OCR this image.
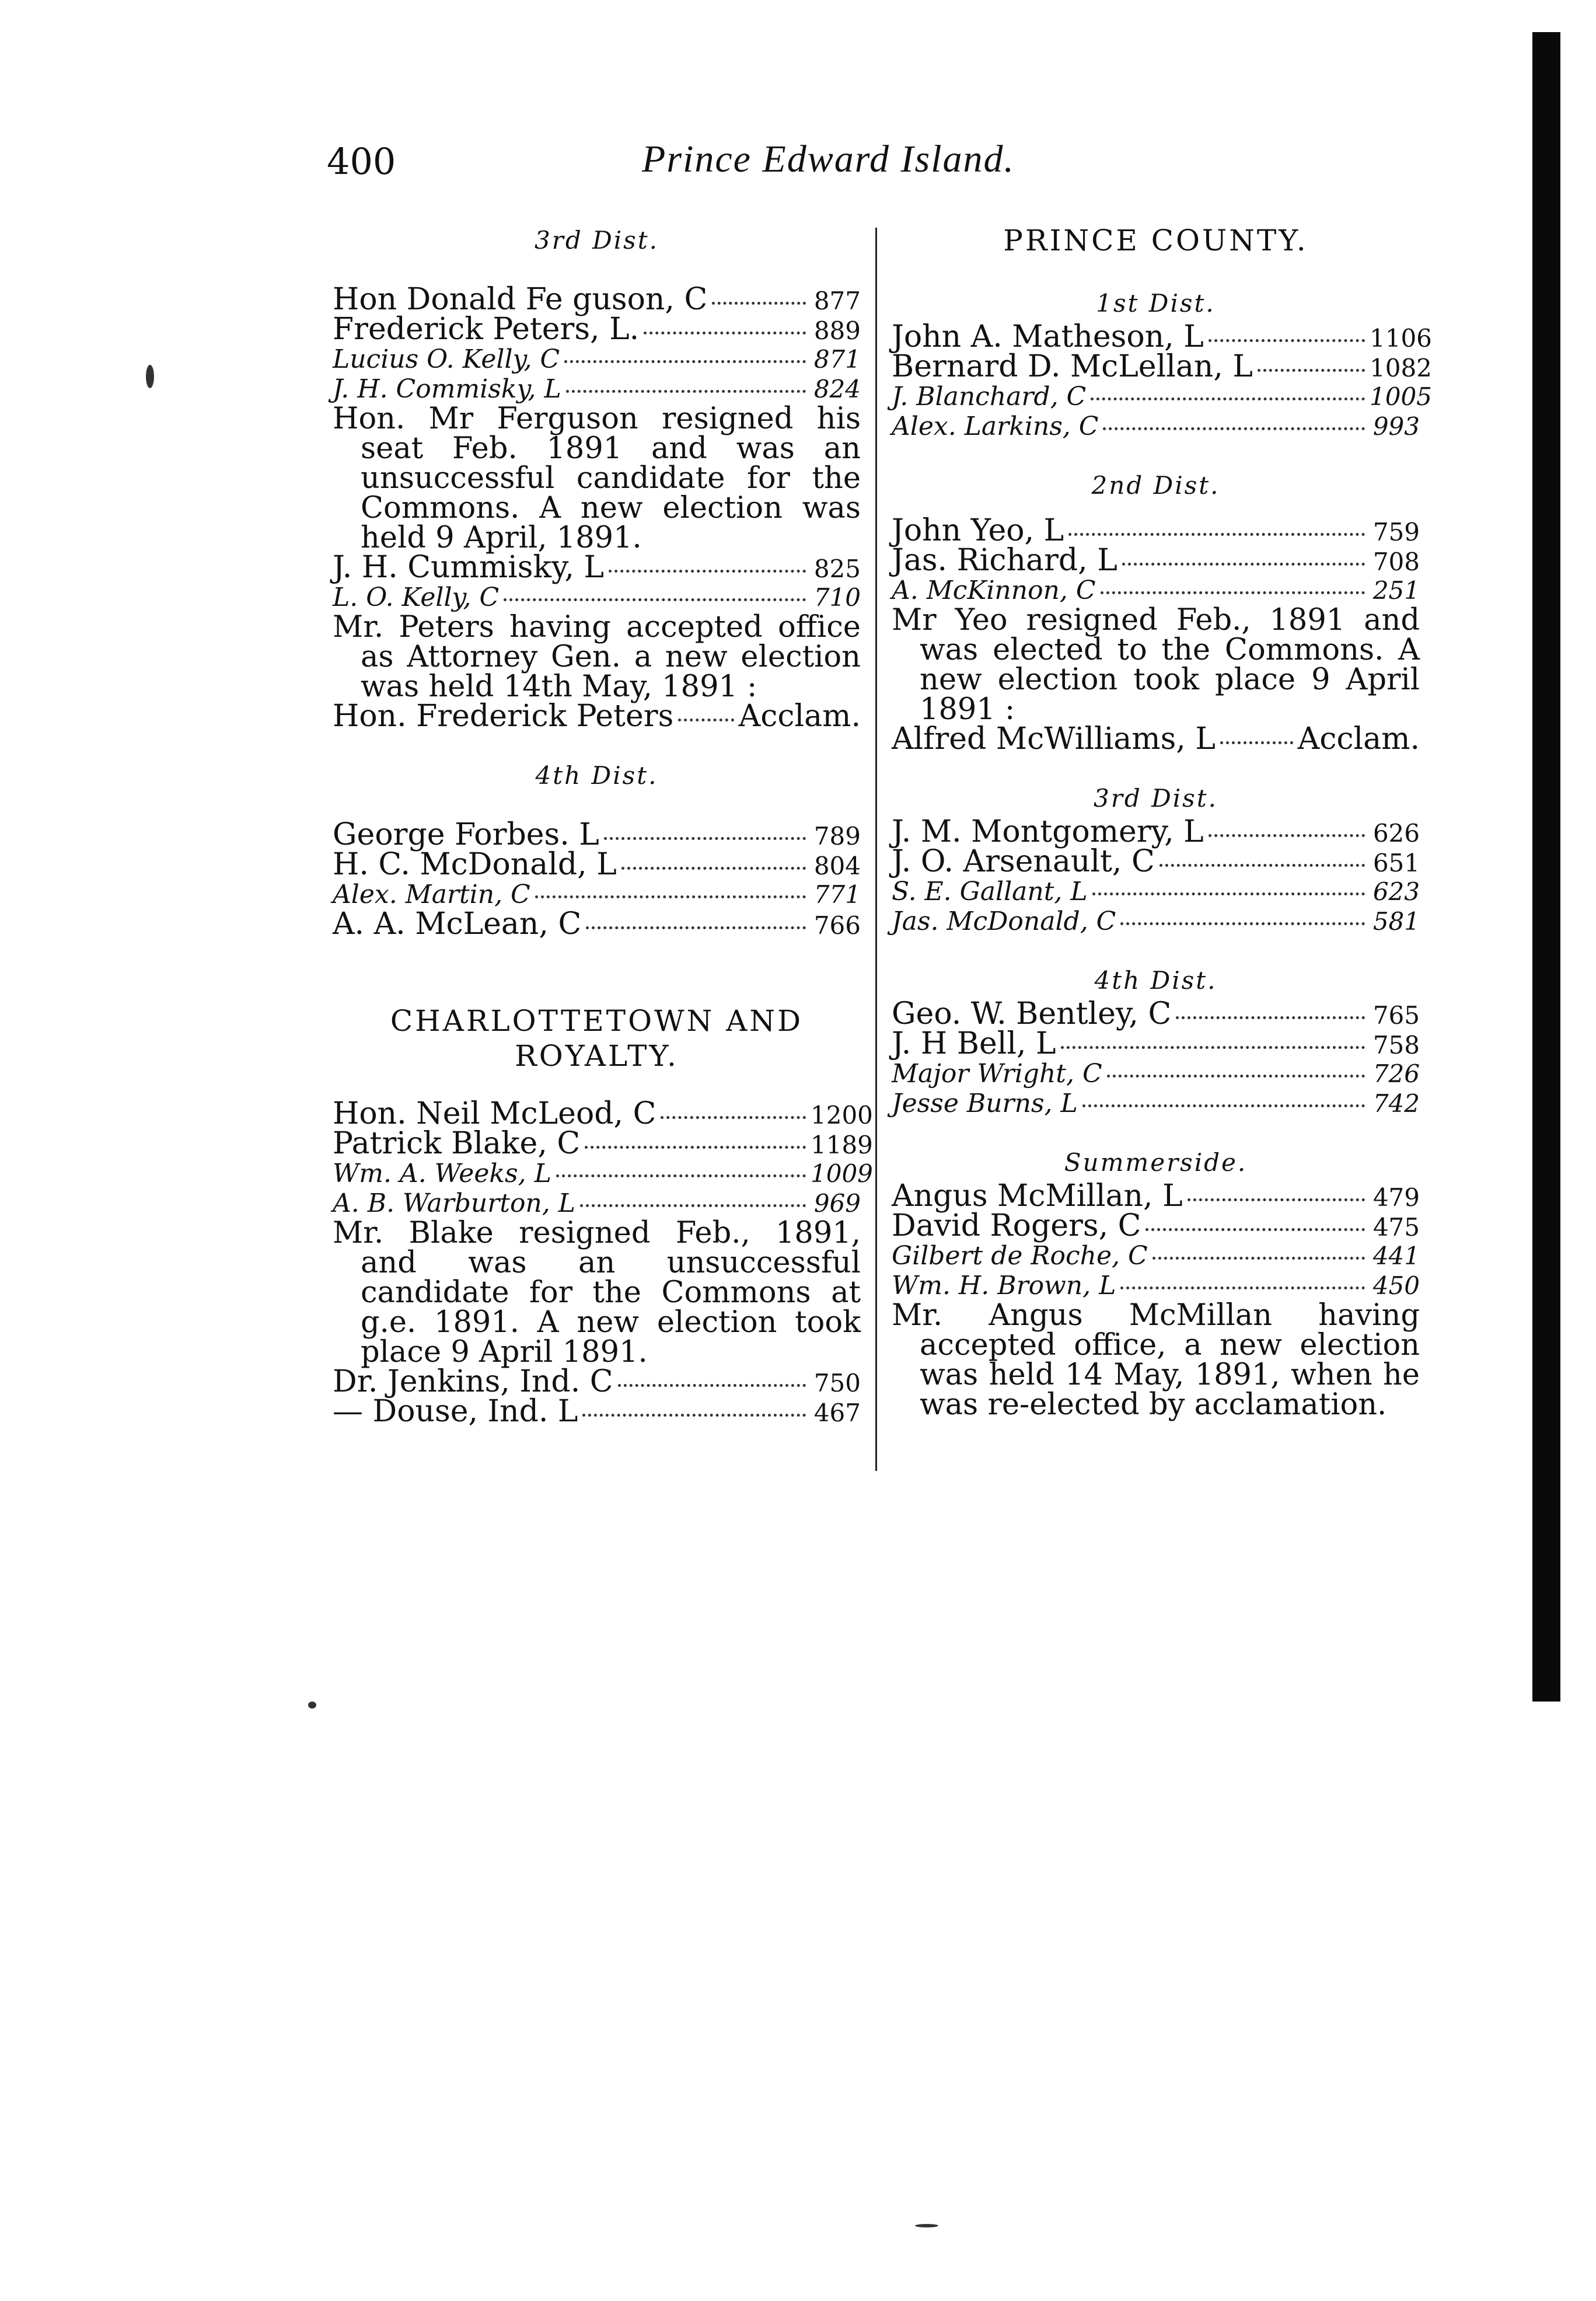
400	Prince Edward Island.
3rd Dist.
Hon Donald Fe guson, C	877
Frederick Peters, L.	889
Lucius O. Kelly, C	871
J. H. Commisky, L	824

Hon. Mr Ferguson resigned his seat Feb. 1891 and was an unsuccessful candidate for the Commons. A new election was held 9 April, 1891.

J. H. Cummisky, L	825
L. O. Kelly, C	710

Mr. Peters having accepted office as Attorney Gen. a new election was held 14th May, 1891 :

Hon. Frederick Peters Acclam.
4th Dist.
George Forbes. L	789
H. C. McDonald, L	804
Alex. Martin, C	771
A. A. McLean, C	766
CHARLOTTETOWN AND
ROYALTY.
Hon. Neil McLeod, C	1200
Patrick Blake, C	1189
Wm. A. Weeks, L	1009
A. B. Warburton, L	969

Mr. Blake resigned Feb., 1891, and was an unsuccessful candidate for the Commons at g.e. 1891. A new election took place 9 April 1891.

Dr. Jenkins, Ind. C	750
— Douse, Ind. L	467
PRINCE COUNTY.
1st Dist.
John A. Matheson, L	1106
Bernard D. McLellan, L	1082
J. Blanchard, C	1005
Alex. Larkins, C	993
2nd Dist.
John Yeo, L	759
Jas. Richard, L	708
A. McKinnon, C	251

Mr Yeo resigned Feb., 1891 and was elected to the Commons. A new election took place 9 April 1891 :

Alfred McWilliams, L	Acclam.
3rd Dist.
J. M. Montgomery, L	626
J. O. Arsenault, C	651
S. E. Gallant, L	623
Jas. McDonald, C	581
4th Dist.
Geo. W. Bentley, C	765
J. H Bell, L	758
Major Wright, C	726
Jesse Burns, L	742
Summerside.
Angus McMillan, L	479
David Rogers, C	475
Gilbert de Roche, C	441
Wm. H. Brown, L	450

Mr. Angus McMillan having accepted office, a new election was held 14 May, 1891, when he was re-elected by acclamation.
